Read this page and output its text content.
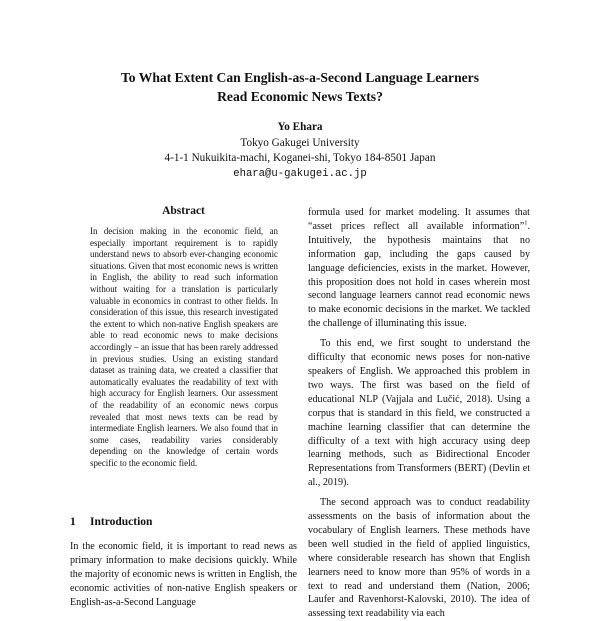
To What Extent Can English-as-a-Second Language Learners
Read Economic News Texts?
Yo Ehara
Tokyo Gakugei University
4-1-1 Nukuikita-machi, Koganei-shi, Tokyo 184-8501 Japan
ehara@u-gakugei.ac.jp
Abstract
In decision making in the economic field, an especially important requirement is to rapidly understand news to absorb ever-changing economic situations. Given that most economic news is written in English, the ability to read such information without waiting for a translation is particularly valuable in economics in contrast to other fields. In consideration of this issue, this research investigated the extent to which non-native English speakers are able to read economic news to make decisions accordingly – an issue that has been rarely addressed in previous studies. Using an existing standard dataset as training data, we created a classifier that automatically evaluates the readability of text with high accuracy for English learners. Our assessment of the readability of an economic news corpus revealed that most news texts can be read by intermediate English learners. We also found that in some cases, readability varies considerably depending on the knowledge of certain words specific to the economic field.
1 Introduction
In the economic field, it is important to read news as primary information to make decisions quickly. While the majority of economic news is written in English, the economic activities of non-native English speakers or English-as-a-Second Language

formula used for market modeling. It assumes that “asset prices reflect all available information”$^1$. Intuitively, the hypothesis maintains that no information gap, including the gaps caused by language deficiencies, exists in the market. However, this proposition does not hold in cases wherein most second language learners cannot read economic news to make economic decisions in the market. We tackled the challenge of illuminating this issue.

To this end, we first sought to understand the difficulty that economic news poses for non-native speakers of English. We approached this problem in two ways. The first was based on the field of educational NLP (Vajjala and Lučić, 2018). Using a corpus that is standard in this field, we constructed a machine learning classifier that can determine the difficulty of a text with high accuracy using deep learning methods, such as Bidirectional Encoder Representations from Transformers (BERT) (Devlin et al., 2019).

The second approach was to conduct readability assessments on the basis of information about the vocabulary of English learners. These methods have been well studied in the field of applied linguistics, where considerable research has shown that English learners need to know more than 95% of words in a text to read and understand them (Nation, 2006; Laufer and Ravenhorst-Kalovski, 2010). The idea of assessing text readability via each
